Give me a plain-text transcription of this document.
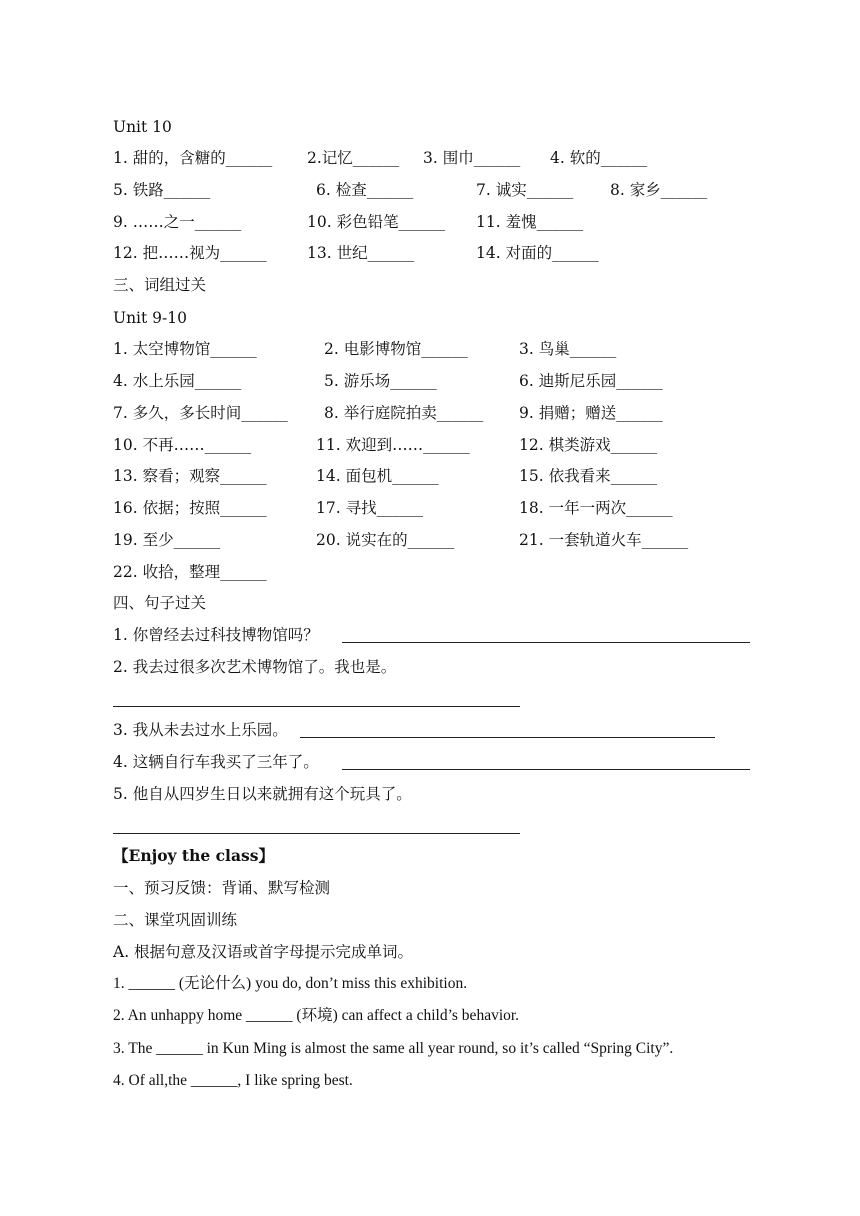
Unit 10
1. 甜的，含糖的______ 2.记忆______ 3. 围巾______ 4. 软的______
5. 铁路______	6. 检查______	7. 诚实______ 8. 家乡______
9. ……之一______	10. 彩色铅笔______ 11. 羞愧______
12. 把……视为______	13. 世纪______	14. 对面的______
三、词组过关
Unit 9-10
1. 太空博物馆______	2. 电影博物馆______	3. 鸟巢______
4. 水上乐园______	5. 游乐场______	6. 迪斯尼乐园______
7. 多久，多长时间______ 8. 举行庭院拍卖______ 9. 捐赠；赠送______
10. 不再……______	11. 欢迎到……______	12. 棋类游戏______
13. 察看；观察______	14. 面包机______	15. 依我看来______
16. 依据；按照______	17. 寻找______	18. 一年一两次______
19. 至少______	20. 说实在的______	21. 一套轨道火车______
22. 收拾，整理______
四、句子过关
1. 你曾经去过科技博物馆吗？
2. 我去过很多次艺术博物馆了。我也是。
3. 我从未去过水上乐园。
4. 这辆自行车我买了三年了。
5. 他自从四岁生日以来就拥有这个玩具了。
【Enjoy the class】
一、预习反馈：背诵、默写检测
二、课堂巩固训练
A. 根据句意及汉语或首字母提示完成单词。
1. ______ (无论什么) you do, don’t miss this exhibition.
2. An unhappy home ______ (环境) can affect a child’s behavior.
3. The ______ in Kun Ming is almost the same all year round, so it’s called “Spring City”.
4. Of all,the ______, I like spring best.
